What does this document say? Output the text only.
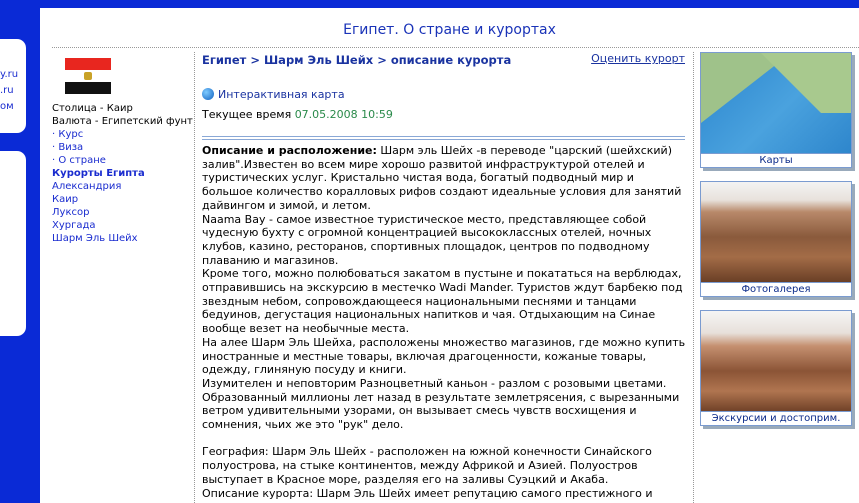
y.ru
.ru
ом
Египет. О стране и курортах
Столица - Каир
Валюта - Египетский фунт
· Курс
· Виза
· О стране
Курорты Египта
Александрия
Каир
Луксор
Хургада
Шарм Эль Шейх
Египет > Шарм Эль Шейх > описание курорта	Оценить курорт
Интерактивная карта
Текущее время 07.05.2008 10:59

Описание и расположение: Шарм эль Шейх -в переводе "царский (шейхский) залив".Известен во всем мире хорошо развитой инфраструктурой отелей и туристических услуг. Кристально чистая вода, богатый подводный мир и большое количество коралловых рифов создают идеальные условия для занятий дайвингом и зимой, и летом.

Naama Bay - самое известное туристическое место, представляющее собой чудесную бухту с огромной концентрацией высококлассных отелей, ночных клубов, казино, ресторанов, спортивных площадок, центров по подводному плаванию и магазинов.

Кроме того, можно полюбоваться закатом в пустыне и покататься на верблюдах, отправившись на экскурсию в местечко Wadi Mander. Туристов ждут барбекю под звездным небом, сопровождающееся национальными песнями и танцами бедуинов, дегустация национальных напитков и чая. Отдыхающим на Синае вообще везет на необычные места.

На алее Шарм Эль Шейха, расположены множество магазинов, где можно купить иностранные и местные товары, включая драгоценности, кожаные товары, одежду, глиняную посуду и книги.

Изумителен и неповторим Разноцветный каньон - разлом с розовыми цветами. Образованный миллионы лет назад в результате землетрясения, с вырезанными ветром удивительными узорами, он вызывает смесь чувств восхищения и сомнения, чьих же это "рук" дело.

География: Шарм Эль Шейх - расположен на южной конечности Синайского полуострова, на стыке континентов, между Африкой и Азией. Полуостров выступает в Красное море, разделяя его на заливы Суэцкий и Акаба.

Описание курорта: Шарм Эль Шейх имеет репутацию самого престижного и

Карты
Фотогалерея
Экскурсии и достоприм.
